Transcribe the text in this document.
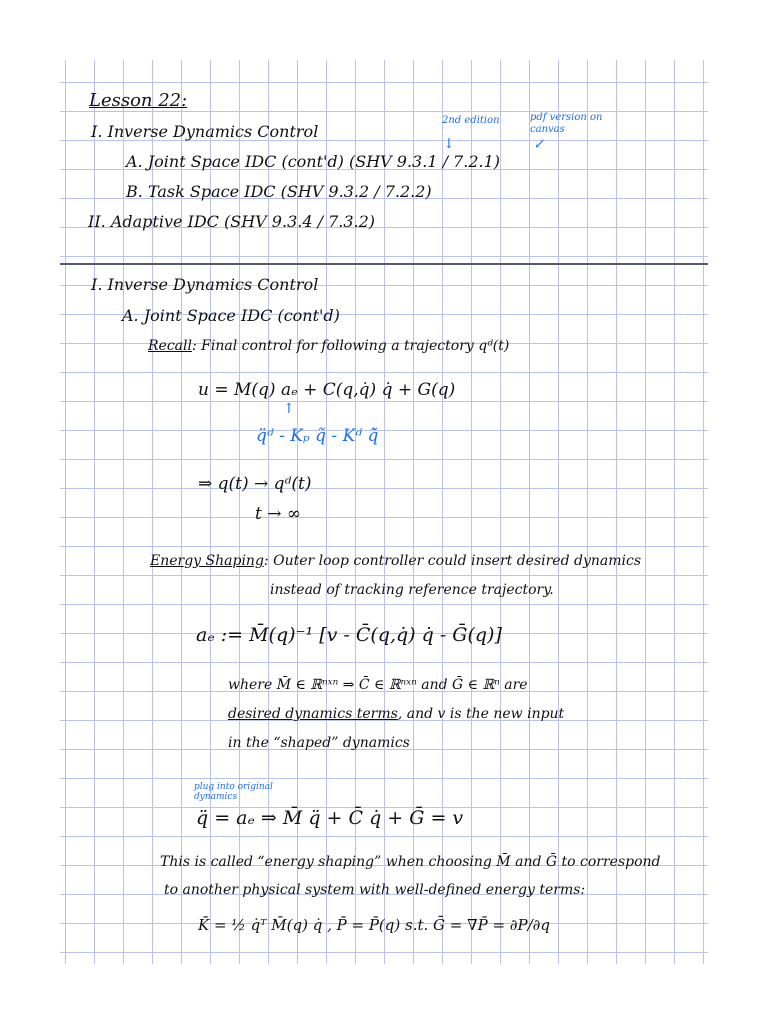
Lesson 22:
2nd edition	pdf version on canvas
↓	↙
I. Inverse Dynamics Control
A. Joint Space IDC (cont'd) (SHV 9.3.1 / 7.2.1)
B. Task Space IDC (SHV 9.3.2 / 7.2.2)
II. Adaptive IDC (SHV 9.3.4 / 7.3.2)
I. Inverse Dynamics Control
A. Joint Space IDC (cont'd)
Recall: Final control for following a trajectory qᵈ(t)
u = M(q) aₑ + C(q,q̇) q̇ + G(q)
↑
q̈ᵈ - Kₚ q̃ - Kᵈ q̃̇
⇒ q(t) → qᵈ(t)
t → ∞
Energy Shaping: Outer loop controller could insert desired dynamics
instead of tracking reference trajectory.
aₑ := M̄(q)⁻¹ [v - C̄(q,q̇) q̇ - Ḡ(q)]
where M̄ ∈ ℝⁿˣⁿ ⇒ C̄ ∈ ℝⁿˣⁿ and Ḡ ∈ ℝⁿ are
desired dynamics terms, and v is the new input
in the “shaped” dynamics
plug into original dynamics
q̈ = aₑ ⇒ M̄ q̈ + C̄ q̇ + Ḡ = v
This is called “energy shaping” when choosing M̄ and Ḡ to correspond
to another physical system with well-defined energy terms:
K̄ = ½ q̇ᵀ M̄(q) q̇ , P̄ = P̄(q) s.t. Ḡ = ∇P̄ = ∂P/∂q
